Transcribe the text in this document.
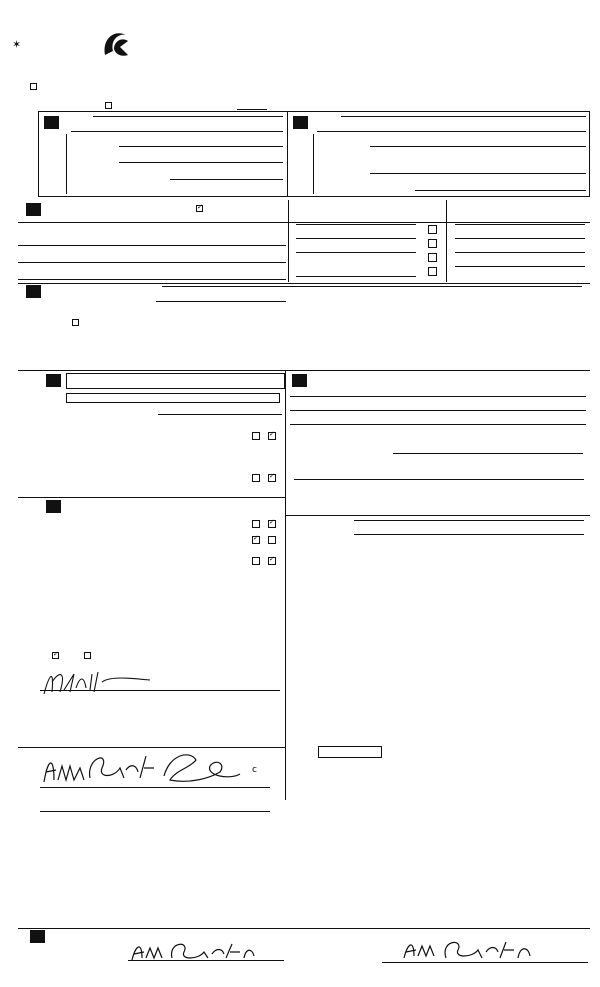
✶
✓
✓
✓
✓
✓
✓
✓
c
